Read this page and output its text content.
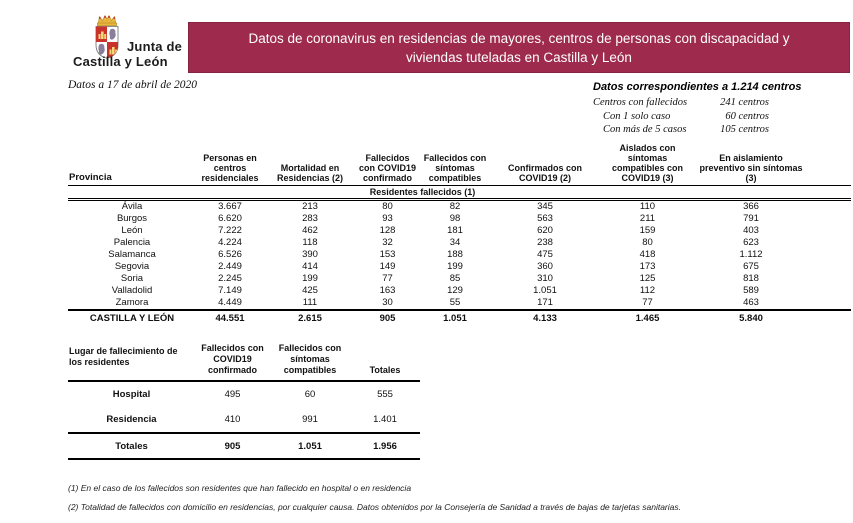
Junta de
Castilla y León
Datos a 17 de abril de 2020
Datos de coronavirus en residencias de mayores, centros de personas con discapacidad y viviendas tuteladas en Castilla y León
Datos correspondientes a 1.214 centros
Centros con fallecidos	241 centros
Con 1 solo caso	60 centros
Con más de 5 casos	105 centros
Provincia	Personas en centros residenciales	Mortalidad en Residencias (2)	Fallecidos con COVID19 confirmado	Fallecidos con síntomas compatibles	Confirmados con COVID19 (2)	Aislados con síntomas compatibles con COVID19 (3)	En aislamiento preventivo sin síntomas (3)	
			Residentes fallecidos (1)					
Ávila	3.667	213	80	82	345	110	366	
Burgos	6.620	283	93	98	563	211	791	
León	7.222	462	128	181	620	159	403	
Palencia	4.224	118	32	34	238	80	623	
Salamanca	6.526	390	153	188	475	418	1.112	
Segovia	2.449	414	149	199	360	173	675	
Soria	2.245	199	77	85	310	125	818	
Valladolid	7.149	425	163	129	1.051	112	589	
Zamora	4.449	111	30	55	171	77	463	
CASTILLA Y LEÓN	44.551	2.615	905	1.051	4.133	1.465	5.840	
Lugar de fallecimiento de los residentes	Fallecidos con COVID19 confirmado	Fallecidos con síntomas compatibles	Totales
Hospital	495	60	555
Residencia	410	991	1.401
Totales	905	1.051	1.956
(1) En el caso de los fallecidos son residentes que han fallecido en hospital o en residencia
(2) Totalidad de fallecidos con domicilio en residencias, por cualquier causa. Datos obtenidos por la Consejería de Sanidad a través de bajas de tarjetas sanitarias.
